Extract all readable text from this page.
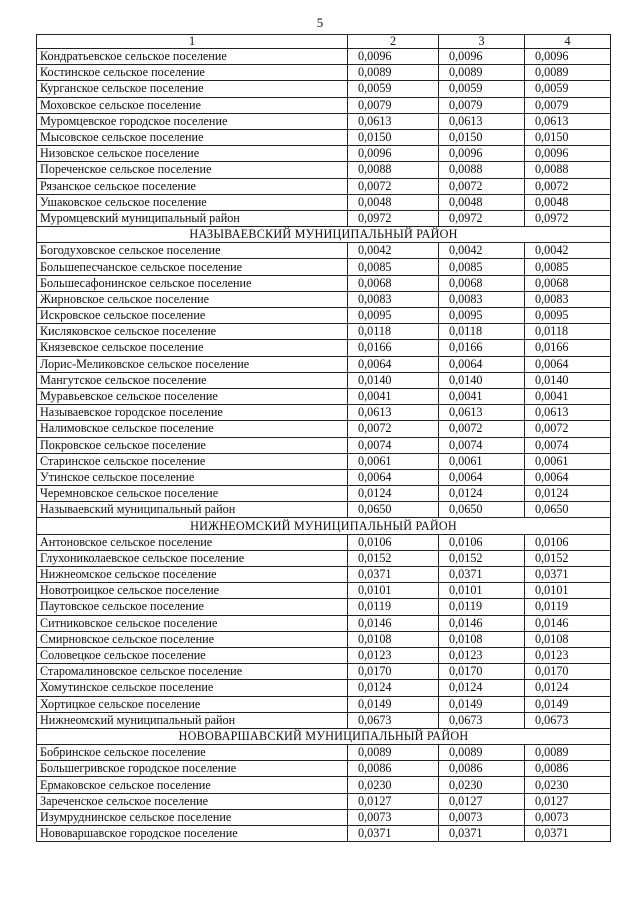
5
1	2	3	4
Кондратьевское сельское поселение	0,0096	0,0096	0,0096
Костинское сельское поселение	0,0089	0,0089	0,0089
Курганское сельское поселение	0,0059	0,0059	0,0059
Моховское сельское поселение	0,0079	0,0079	0,0079
Муромцевское городское поселение	0,0613	0,0613	0,0613
Мысовское сельское поселение	0,0150	0,0150	0,0150
Низовское сельское поселение	0,0096	0,0096	0,0096
Пореченское сельское поселение	0,0088	0,0088	0,0088
Рязанское сельское поселение	0,0072	0,0072	0,0072
Ушаковское сельское поселение	0,0048	0,0048	0,0048
Муромцевский муниципальный район	0,0972	0,0972	0,0972
НАЗЫВАЕВСКИЙ МУНИЦИПАЛЬНЫЙ РАЙОН			
Богодуховское сельское поселение	0,0042	0,0042	0,0042
Большепесчанское сельское поселение	0,0085	0,0085	0,0085
Большесафонинское сельское поселение	0,0068	0,0068	0,0068
Жирновское сельское поселение	0,0083	0,0083	0,0083
Искровское сельское поселение	0,0095	0,0095	0,0095
Кисляковское сельское поселение	0,0118	0,0118	0,0118
Князевское сельское поселение	0,0166	0,0166	0,0166
Лорис-Меликовское сельское поселение	0,0064	0,0064	0,0064
Мангутское сельское поселение	0,0140	0,0140	0,0140
Муравьевское сельское поселение	0,0041	0,0041	0,0041
Называевское городское поселение	0,0613	0,0613	0,0613
Налимовское сельское поселение	0,0072	0,0072	0,0072
Покровское сельское поселение	0,0074	0,0074	0,0074
Старинское сельское поселение	0,0061	0,0061	0,0061
Утинское сельское поселение	0,0064	0,0064	0,0064
Черемновское сельское поселение	0,0124	0,0124	0,0124
Называевский муниципальный район	0,0650	0,0650	0,0650
НИЖНЕОМСКИЙ МУНИЦИПАЛЬНЫЙ РАЙОН			
Антоновское сельское поселение	0,0106	0,0106	0,0106
Глухониколаевское сельское поселение	0,0152	0,0152	0,0152
Нижнеомское сельское поселение	0,0371	0,0371	0,0371
Новотроицкое сельское поселение	0,0101	0,0101	0,0101
Паутовское сельское поселение	0,0119	0,0119	0,0119
Ситниковское сельское поселение	0,0146	0,0146	0,0146
Смирновское сельское поселение	0,0108	0,0108	0,0108
Соловецкое сельское поселение	0,0123	0,0123	0,0123
Старомалиновское сельское поселение	0,0170	0,0170	0,0170
Хомутинское сельское поселение	0,0124	0,0124	0,0124
Хортицкое сельское поселение	0,0149	0,0149	0,0149
Нижнеомский муниципальный район	0,0673	0,0673	0,0673
НОВОВАРШАВСКИЙ МУНИЦИПАЛЬНЫЙ РАЙОН			
Бобринское сельское поселение	0,0089	0,0089	0,0089
Большегривское городское поселение	0,0086	0,0086	0,0086
Ермаковское сельское поселение	0,0230	0,0230	0,0230
Зареченское сельское поселение	0,0127	0,0127	0,0127
Изумруднинское сельское поселение	0,0073	0,0073	0,0073
Нововаршавское городское поселение	0,0371	0,0371	0,0371
